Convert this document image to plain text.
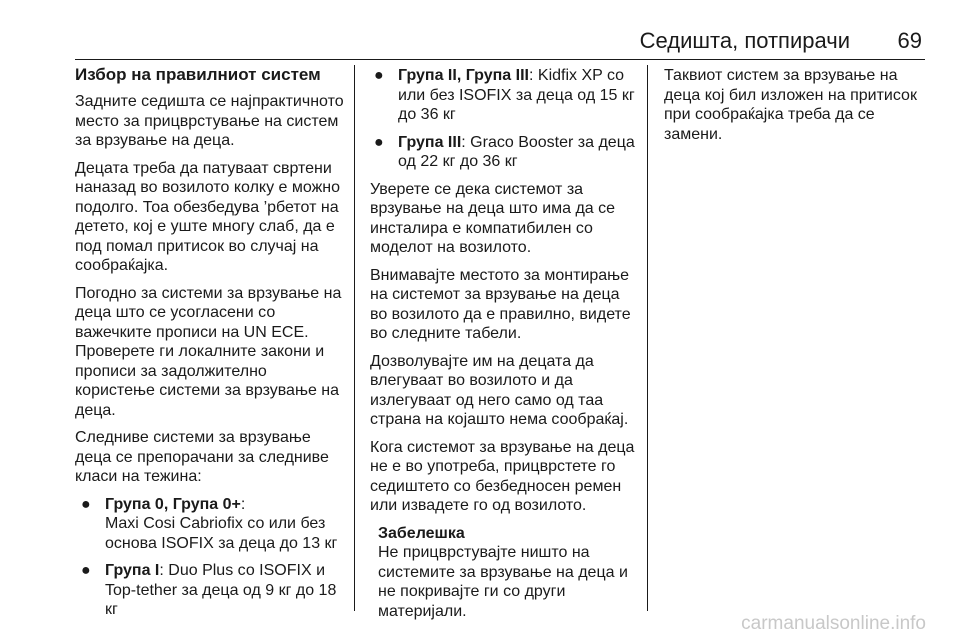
Седишта, потпирачи 69
Избор на правилниот систем
Задните седишта се најпрактичното место за прицврстување на систем за врзување на деца.
Децата треба да патуваат свртени наназад во возилото колку е можно подолго. Тоа обезбедува ’рбетот на детето, кој е уште многу слаб, да е под помал притисок во случај на сообраќајка.
Погодно за системи за врзување на деца што се усогласени со важечките прописи на UN ECE. Проверете ги локалните закони и прописи за задолжително користење системи за врзување на деца.
Следниве системи за врзување деца се препорачани за следниве класи на тежина:
● Група 0, Група 0+:
Maxi Cosi Cabriofix со или без основа ISOFIX за деца до 13 кг
● Група I: Duo Plus со ISOFIX и Top-tether за деца од 9 кг до 18 кг
● Група II, Група III: Kidfix XP со или без ISOFIX за деца од 15 кг до 36 кг
● Група III: Graco Booster за деца од 22 кг до 36 кг
Уверете се дека системот за врзување на деца што има да се инсталира е компатибилен со моделот на возилото.
Внимавајте местото за монтирање на системот за врзување на деца во возилото да е правилно, видете во следните табели.
Дозволувајте им на децата да влегуваат во возилото и да излегуваат од него само од таа страна на којашто нема сообраќај.
Кога системот за врзување на деца не е во употреба, прицврстете го седиштето со безбедносен ремен или извадете го од возилото.
Забелешка
Не прицврстувајте ништо на системите за врзување на деца и не покривајте ги со други материјали.
Таквиот систем за врзување на деца кој бил изложен на притисок при сообраќајка треба да се замени.
carmanualsonline.info
